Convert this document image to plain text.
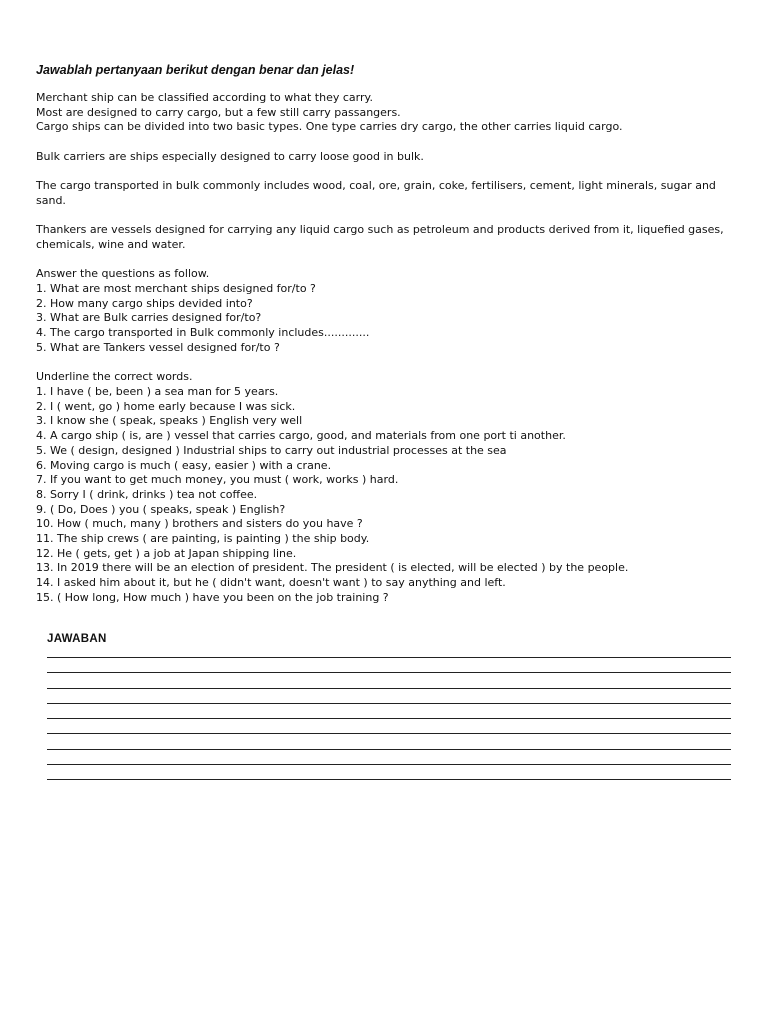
Jawablah pertanyaan berikut dengan benar dan jelas!
Merchant ship can be classified according to what they carry.
Most are designed to carry cargo, but a few still carry passangers.
Cargo ships can be divided into two basic types. One type carries dry cargo, the other carries liquid cargo.
Bulk carriers are ships especially designed to carry loose good in bulk.
The cargo transported in bulk commonly includes wood, coal, ore, grain, coke, fertilisers, cement, light minerals, sugar and sand.
Thankers are vessels designed for carrying any liquid cargo such as petroleum and products derived from it, liquefied gases, chemicals, wine and water.
Answer the questions as follow.
1. What are most merchant ships designed for/to ?
2. How many cargo ships devided into?
3. What are Bulk carries designed for/to?
4. The cargo transported in Bulk commonly includes.............
5. What are Tankers vessel designed for/to ?
Underline the correct words.
1. I have ( be, been ) a sea man for 5 years.
2. I ( went, go ) home early because I was sick.
3. I know she ( speak, speaks ) English very well
4. A cargo ship ( is, are ) vessel that carries cargo, good, and materials from one port ti another.
5. We ( design, designed ) Industrial ships to carry out industrial processes at the sea
6. Moving cargo is much ( easy, easier ) with a crane.
7. If you want to get much money, you must ( work, works ) hard.
8. Sorry I ( drink, drinks ) tea not coffee.
9. ( Do, Does ) you ( speaks, speak ) English?
10. How ( much, many ) brothers and sisters do you have ?
11. The ship crews ( are painting, is painting ) the ship body.
12. He ( gets, get ) a job at Japan shipping line.
13. In 2019 there will be an election of president. The president ( is elected, will be elected ) by the people.
14. I asked him about it, but he ( didn't want, doesn't want ) to say anything and left.
15. ( How long, How much ) have you been on the job training ?
JAWABAN
